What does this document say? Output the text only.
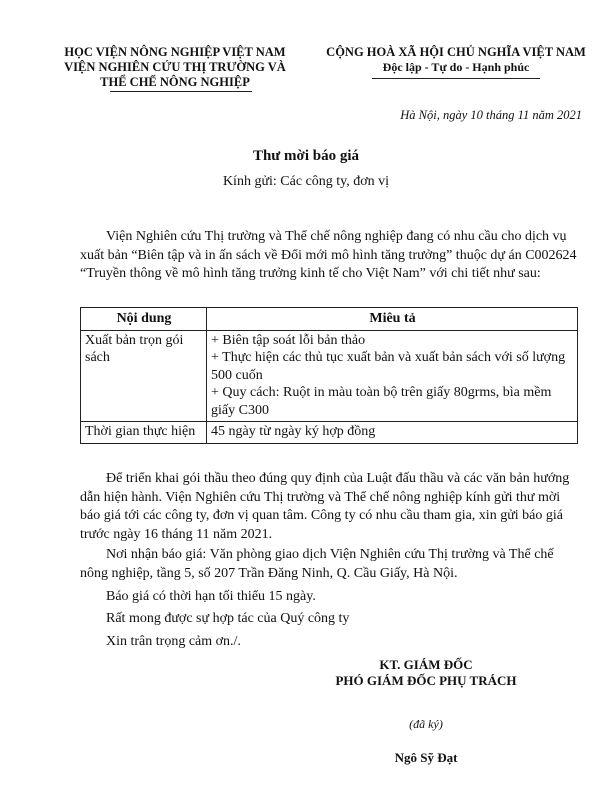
HỌC VIỆN NÔNG NGHIỆP VIỆT NAM
VIỆN NGHIÊN CỨU THỊ TRƯỜNG VÀ
THỂ CHẾ NÔNG NGHIỆP
CỘNG HOÀ XÃ HỘI CHỦ NGHĨA VIỆT NAM
Độc lập - Tự do - Hạnh phúc
Hà Nội, ngày 10 tháng 11 năm 2021
Thư mời báo giá
Kính gửi: Các công ty, đơn vị
Viện Nghiên cứu Thị trường và Thể chế nông nghiệp đang có nhu cầu cho dịch vụ xuất bản “Biên tập và in ấn sách về Đổi mới mô hình tăng trưởng” thuộc dự án C002624 “Truyền thông về mô hình tăng trưởng kinh tế cho Việt Nam” với chi tiết như sau:
Nội dung	Miêu tả
Xuất bản trọn gói sách	+ Biên tập soát lỗi bản thảo
+ Thực hiện các thủ tục xuất bản và xuất bản sách với số lượng 500 cuốn
+ Quy cách: Ruột in màu toàn bộ trên giấy 80grms, bìa mềm giấy C300

Thời gian thực hiện	45 ngày từ ngày ký hợp đồng
Để triển khai gói thầu theo đúng quy định của Luật đấu thầu và các văn bản hướng dẫn hiện hành. Viện Nghiên cứu Thị trường và Thể chế nông nghiệp kính gửi thư mời báo giá tới các công ty, đơn vị quan tâm. Công ty có nhu cầu tham gia, xin gửi báo giá trước ngày 16 tháng 11 năm 2021.
Nơi nhận báo giá: Văn phòng giao dịch Viện Nghiên cứu Thị trường và Thể chế nông nghiệp, tầng 5, số 207 Trần Đăng Ninh, Q. Cầu Giấy, Hà Nội.
Báo giá có thời hạn tối thiểu 15 ngày.
Rất mong được sự hợp tác của Quý công ty
Xin trân trọng cảm ơn./.
KT. GIÁM ĐỐC
PHÓ GIÁM ĐỐC PHỤ TRÁCH
(đã ký)
Ngô Sỹ Đạt
